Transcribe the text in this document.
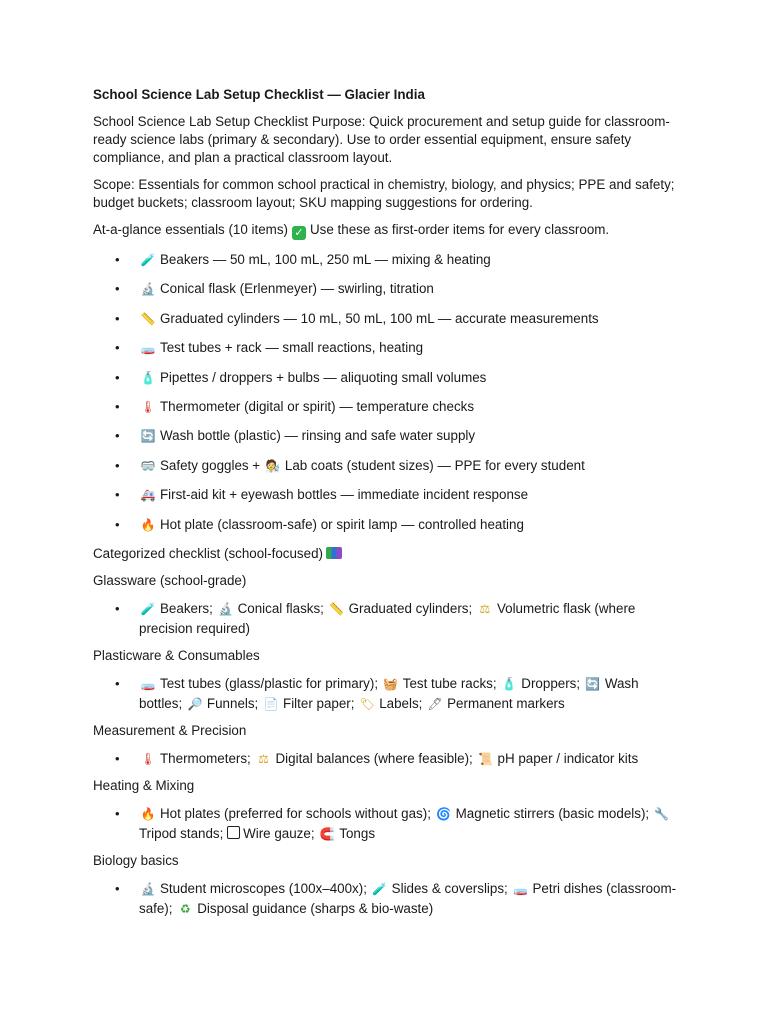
School Science Lab Setup Checklist — Glacier India

School Science Lab Setup Checklist Purpose: Quick procurement and setup guide for classroom-ready science labs (primary & secondary). Use to order essential equipment, ensure safety compliance, and plan a practical classroom layout.

Scope: Essentials for common school practical in chemistry, biology, and physics; PPE and safety; budget buckets; classroom layout; SKU mapping suggestions for ordering.

At-a-glance essentials (10 items) ✓ Use these as first-order items for every classroom.
• 🧪 Beakers — 50 mL, 100 mL, 250 mL — mixing & heating
• 🔬 Conical flask (Erlenmeyer) — swirling, titration
• 📏 Graduated cylinders — 10 mL, 50 mL, 100 mL — accurate measurements
• 🧫 Test tubes + rack — small reactions, heating
• 🧴 Pipettes / droppers + bulbs — aliquoting small volumes
• 🌡 Thermometer (digital or spirit) — temperature checks
• 🔄 Wash bottle (plastic) — rinsing and safe water supply
• 🥽 Safety goggles + 🧑‍🔬 Lab coats (student sizes) — PPE for every student
• 🚑 First-aid kit + eyewash bottles — immediate incident response
• 🔥 Hot plate (classroom-safe) or spirit lamp — controlled heating

Categorized checklist (school-focused)

Glassware (school-grade)

• 🧪 Beakers; 🔬 Conical flasks; 📏 Graduated cylinders; ⚖ Volumetric flask (where precision required)

Plasticware & Consumables

• 🧫 Test tubes (glass/plastic for primary); 🧺 Test tube racks; 🧴 Droppers; 🔄 Wash bottles; 🔎 Funnels; 📄 Filter paper; 🏷 Labels; 🖊 Permanent markers

Measurement & Precision

• 🌡 Thermometers; ⚖ Digital balances (where feasible); 📜 pH paper / indicator kits

Heating & Mixing

• 🔥 Hot plates (preferred for schools without gas); 🌀 Magnetic stirrers (basic models); 🔧Tripod stands; Wire gauze; 🧲 Tongs

Biology basics

• 🔬 Student microscopes (100x–400x); 🧪 Slides & coverslips; 🧫 Petri dishes (classroom-safe); ♻ Disposal guidance (sharps & bio-waste)
